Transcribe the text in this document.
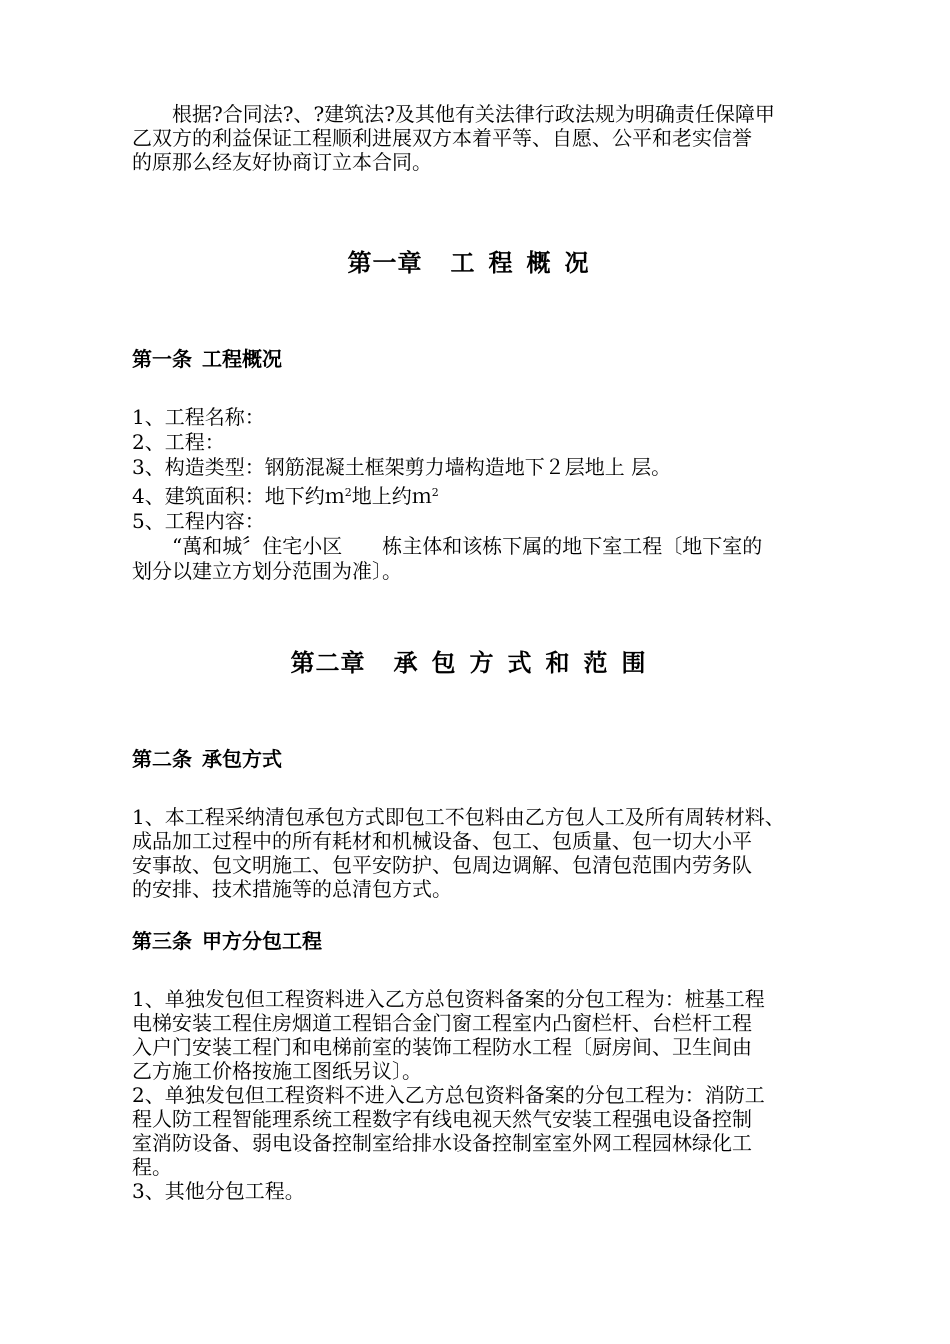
　　根据?合同法?、?建筑法?及其他有关法律行政法规为明确责任保障甲
乙双方的利益保证工程顺利进展双方本着平等、自愿、公平和老实信誉
的原那么经友好协商订立本合同。

第一章 工程概况
第一条 工程概况
1、工程名称：
2、工程：
3、构造类型：钢筋混凝土框架剪力墙构造地下２层地上 层。
4、建筑面积：地下约ｍ$^2$地上约ｍ$^2$
5、工程内容：
　　“萬和城〞住宅小区　　栋主体和该栋下属的地下室工程〔地下室的
划分以建立方划分范围为准〕。
第二章 承包方式和范围
第二条 承包方式

1、本工程采纳清包承包方式即包工不包料由乙方包人工及所有周转材料、
成品加工过程中的所有耗材和机械设备、包工、包质量、包一切大小平
安事故、包文明施工、包平安防护、包周边调解、包清包范围内劳务队
的安排、技术措施等的总清包方式。

第三条 甲方分包工程

1、单独发包但工程资料进入乙方总包资料备案的分包工程为：桩基工程
电梯安装工程住房烟道工程铝合金门窗工程室内凸窗栏杆、台栏杆工程
入户门安装工程门和电梯前室的装饰工程防水工程〔厨房间、卫生间由
乙方施工价格按施工图纸另议〕。
2、单独发包但工程资料不进入乙方总包资料备案的分包工程为：消防工
程人防工程智能理系统工程数字有线电视天然气安装工程强电设备控制
室消防设备、弱电设备控制室给排水设备控制室室外网工程园林绿化工
程。
3、其他分包工程。
